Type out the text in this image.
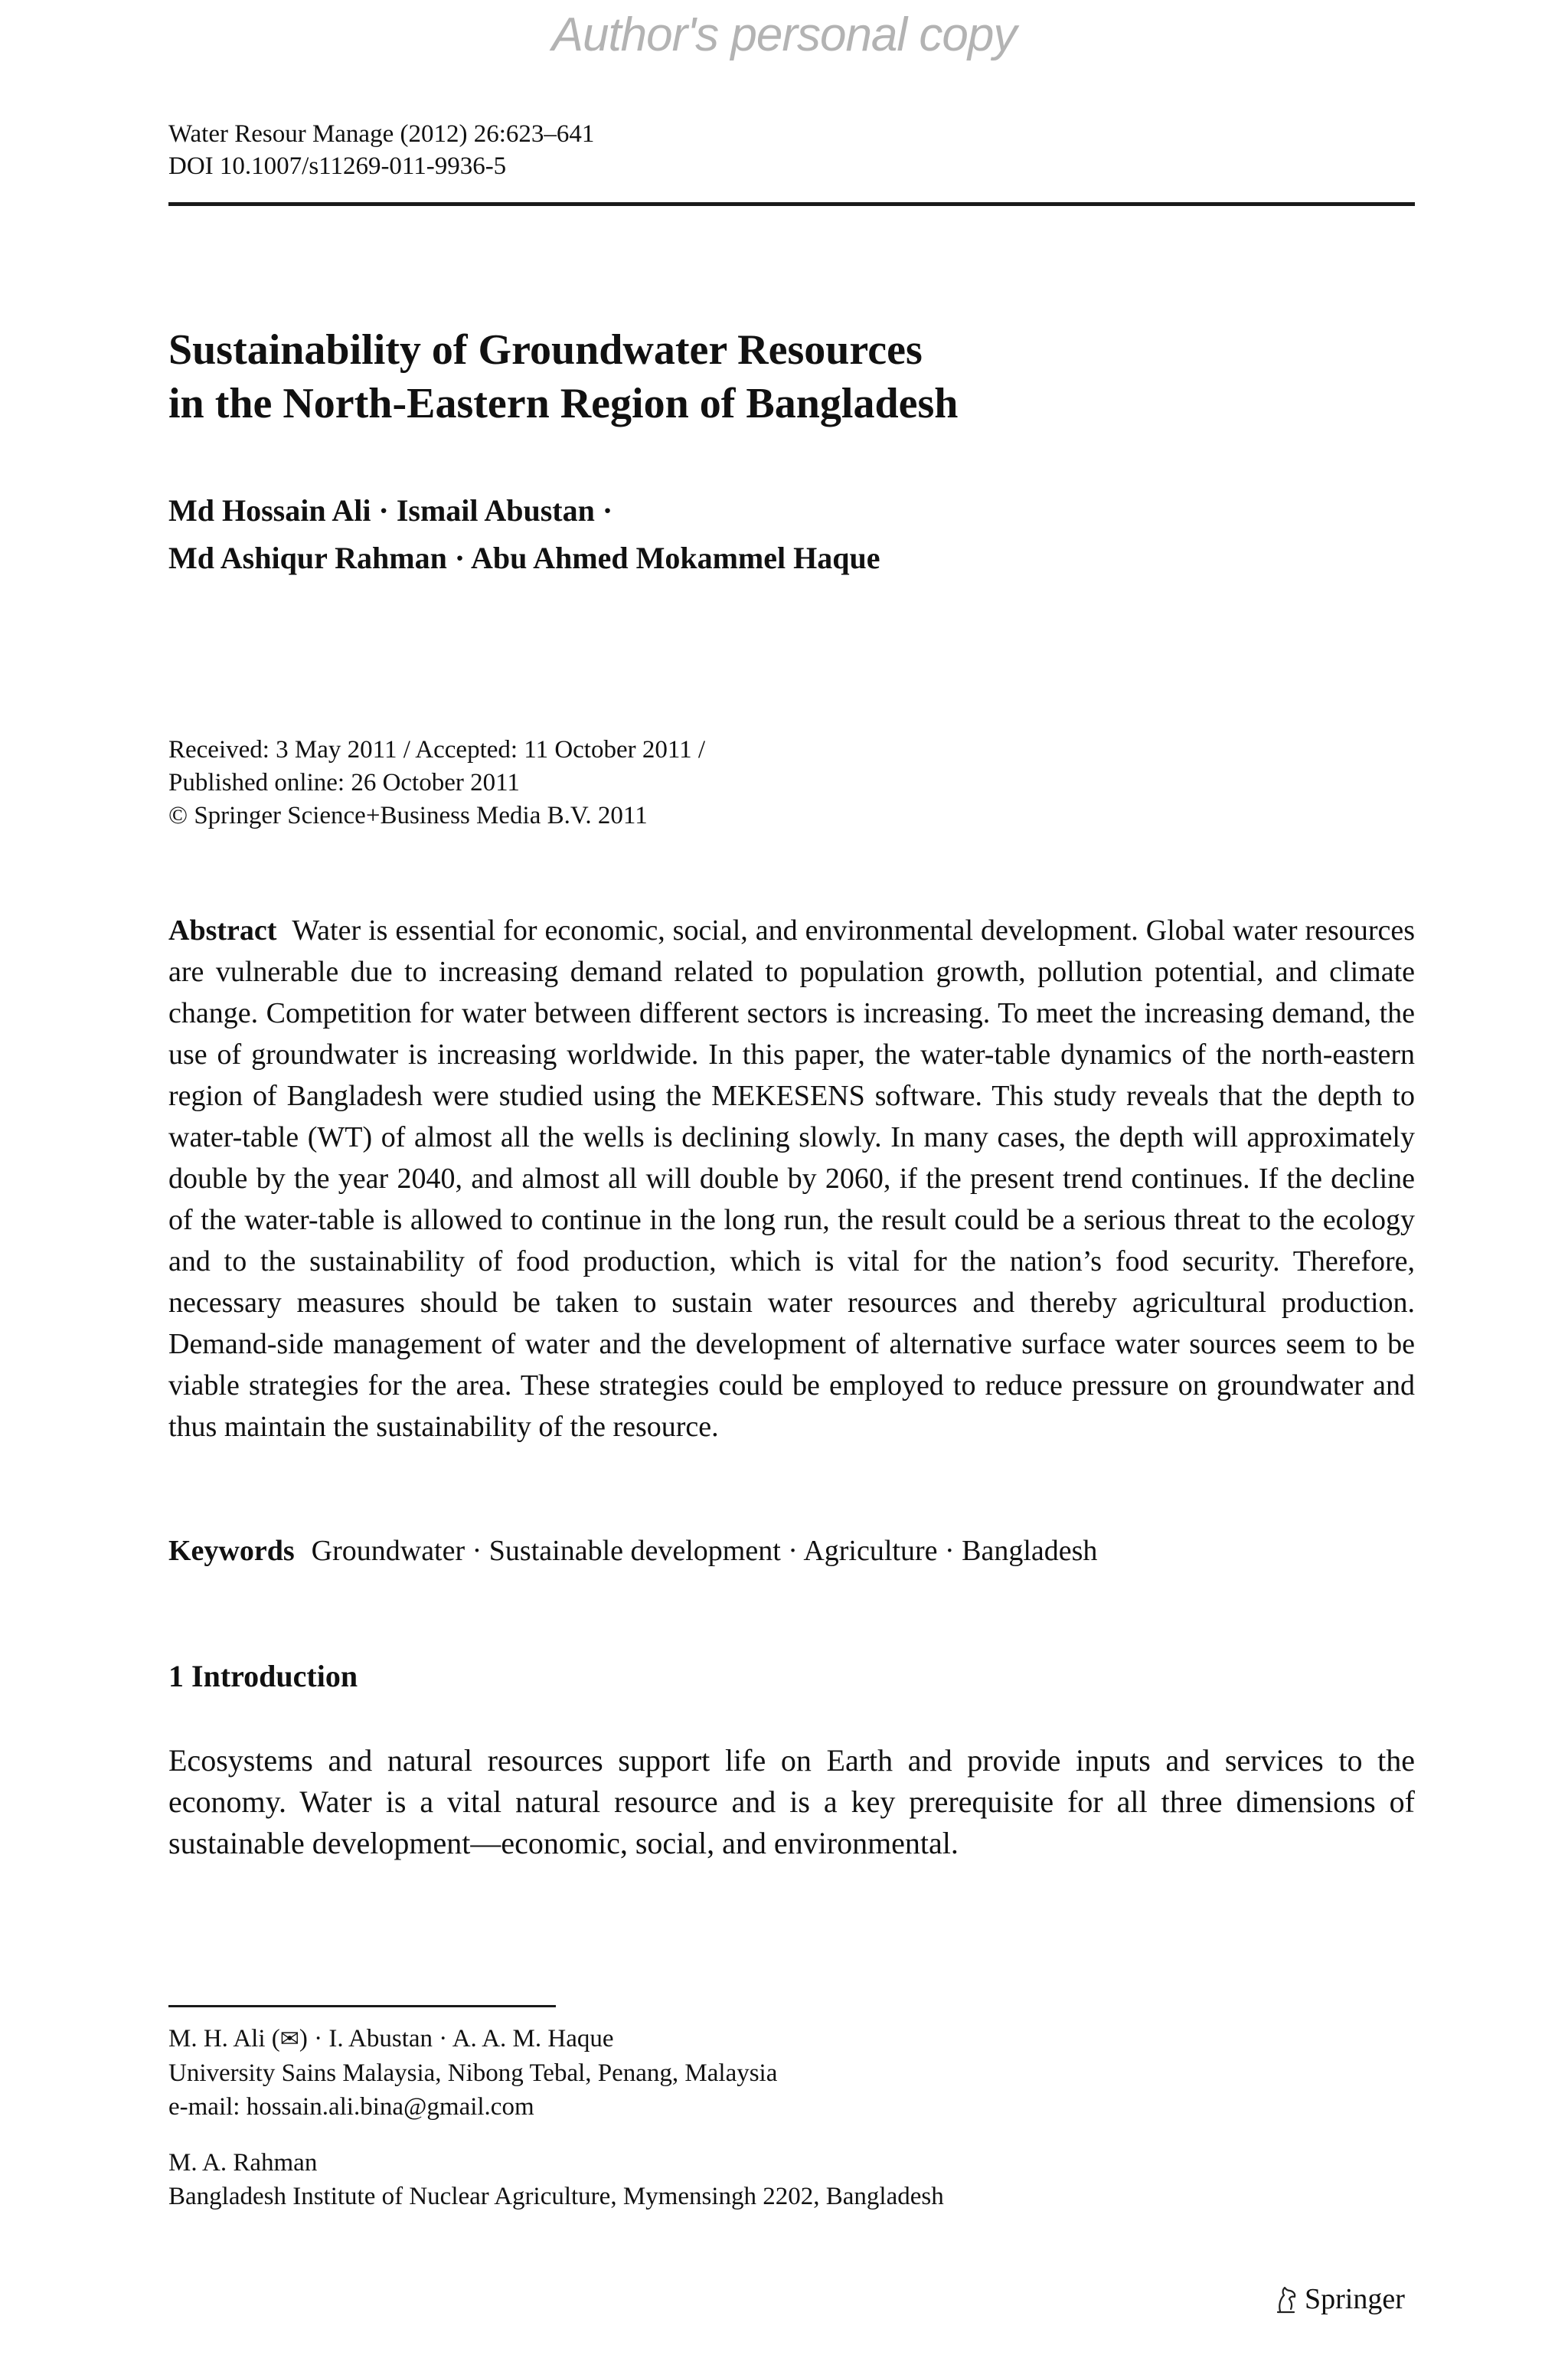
Author's personal copy
Water Resour Manage (2012) 26:623–641
DOI 10.1007/s11269-011-9936-5
Sustainability of Groundwater Resources
in the North-Eastern Region of Bangladesh
Md Hossain Ali · Ismail Abustan ·
Md Ashiqur Rahman · Abu Ahmed Mokammel Haque
Received: 3 May 2011 / Accepted: 11 October 2011 /
Published online: 26 October 2011
© Springer Science+Business Media B.V. 2011
Abstract Water is essential for economic, social, and environmental development. Global water resources are vulnerable due to increasing demand related to population growth, pollution potential, and climate change. Competition for water between different sectors is increasing. To meet the increasing demand, the use of groundwater is increasing worldwide. In this paper, the water-table dynamics of the north-eastern region of Bangladesh were studied using the MEKESENS software. This study reveals that the depth to water-table (WT) of almost all the wells is declining slowly. In many cases, the depth will approximately double by the year 2040, and almost all will double by 2060, if the present trend continues. If the decline of the water-table is allowed to continue in the long run, the result could be a serious threat to the ecology and to the sustainability of food production, which is vital for the nation’s food security. Therefore, necessary measures should be taken to sustain water resources and thereby agricultural production. Demand-side management of water and the development of alternative surface water sources seem to be viable strategies for the area. These strategies could be employed to reduce pressure on groundwater and thus maintain the sustainability of the resource.
Keywords Groundwater · Sustainable development · Agriculture · Bangladesh
1 Introduction
Ecosystems and natural resources support life on Earth and provide inputs and services to the economy. Water is a vital natural resource and is a key prerequisite for all three dimensions of sustainable development—economic, social, and environmental.
M. H. Ali (✉) · I. Abustan · A. A. M. Haque
University Sains Malaysia, Nibong Tebal, Penang, Malaysia
e-mail: hossain.ali.bina@gmail.com
M. A. Rahman
Bangladesh Institute of Nuclear Agriculture, Mymensingh 2202, Bangladesh
Springer
